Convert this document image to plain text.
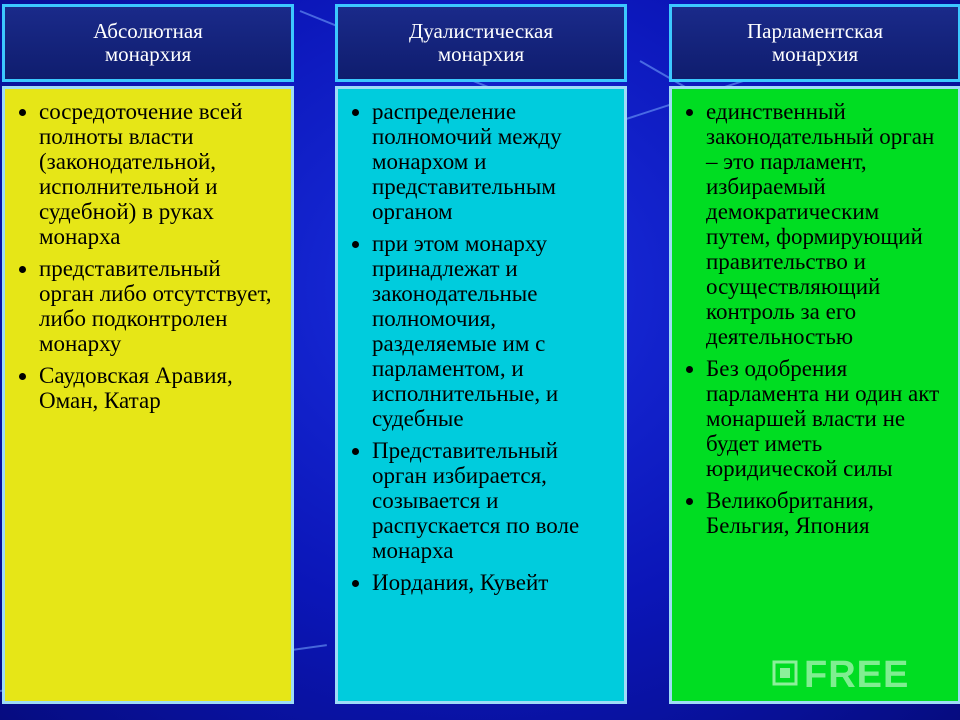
Абсолютная
монархия
• сосредоточение всей полноты власти (законодательной, исполнительной и судебной) в руках монарха
• представительный орган либо отсутствует, либо подконтролен монарху
• Саудовская Аравия, Оман, Катар
Дуалистическая
монархия
• распределение полномочий между монархом и представительным органом
• при этом монарху принадлежат и законодательные полномочия, разделяемые им с парламентом, и исполнительные, и судебные
• Представительный орган избирается, созывается и распускается по воле монарха
• Иордания, Кувейт
Парламентская
монархия
• единственный законодательный орган – это парламент, избираемый демократическим путем, формирующий правительство и осуществляющий контроль за его деятельностью
• Без одобрения парламента ни один акт монаршей власти не будет иметь юридической силы
• Великобритания, Бельгия, Япония
FREE
